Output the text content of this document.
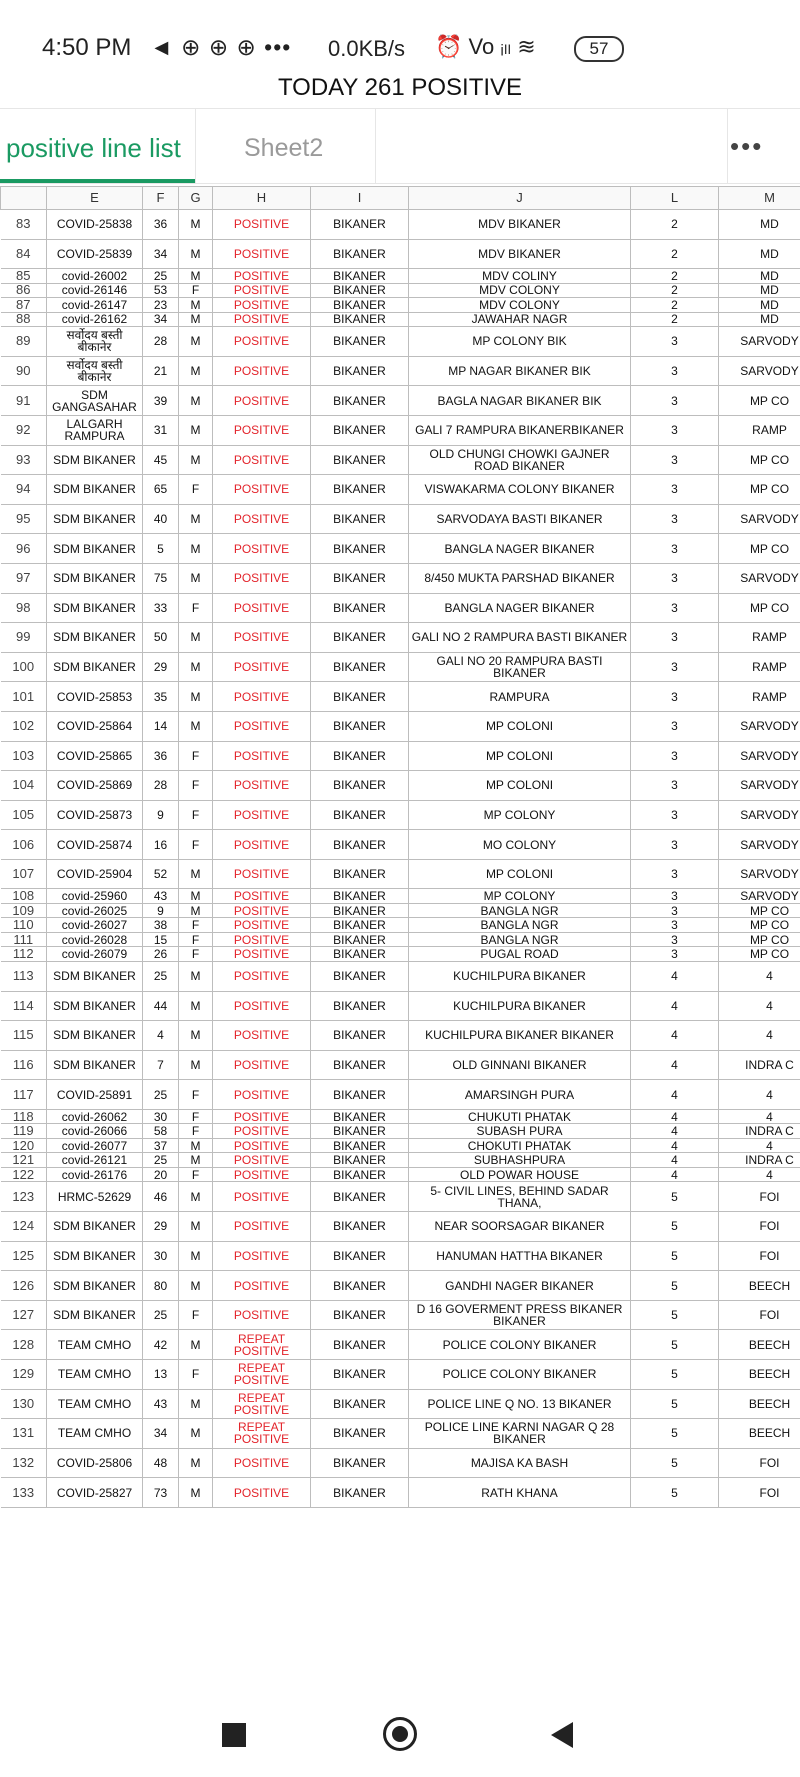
4:50 PM ◄ ⊕ ⊕ ⊕ ••• 0.0KB/s ⏰ Vo ᵢₗₗ ≋	57
TODAY 261 POSITIVE
positive line list	Sheet2	•••
	E	F	G	H	I	J	L	M
83	COVID-25838	36	M	POSITIVE	BIKANER	MDV BIKANER	2	MD
84	COVID-25839	34	M	POSITIVE	BIKANER	MDV BIKANER	2	MD
85	covid-26002	25	M	POSITIVE	BIKANER	MDV COLINY	2	MD
86	covid-26146	53	F	POSITIVE	BIKANER	MDV COLONY	2	MD
87	covid-26147	23	M	POSITIVE	BIKANER	MDV COLONY	2	MD
88	covid-26162	34	M	POSITIVE	BIKANER	JAWAHAR NAGR	2	MD
89	सर्वोदय बस्ती बीकानेर	28	M	POSITIVE	BIKANER	MP COLONY BIK	3	SARVODY
90	सर्वोदय बस्ती बीकानेर	21	M	POSITIVE	BIKANER	MP NAGAR BIKANER BIK	3	SARVODY
91	SDM GANGASAHAR	39	M	POSITIVE	BIKANER	BAGLA NAGAR BIKANER BIK	3	MP CO
92	LALGARH RAMPURA	31	M	POSITIVE	BIKANER	GALI 7 RAMPURA BIKANERBIKANER	3	RAMP
93	SDM BIKANER	45	M	POSITIVE	BIKANER	OLD CHUNGI CHOWKI GAJNER ROAD BIKANER	3	MP CO
94	SDM BIKANER	65	F	POSITIVE	BIKANER	VISWAKARMA COLONY BIKANER	3	MP CO
95	SDM BIKANER	40	M	POSITIVE	BIKANER	SARVODAYA BASTI BIKANER	3	SARVODY
96	SDM BIKANER	5	M	POSITIVE	BIKANER	BANGLA NAGER BIKANER	3	MP CO
97	SDM BIKANER	75	M	POSITIVE	BIKANER	8/450 MUKTA PARSHAD BIKANER	3	SARVODY
98	SDM BIKANER	33	F	POSITIVE	BIKANER	BANGLA NAGER BIKANER	3	MP CO
99	SDM BIKANER	50	M	POSITIVE	BIKANER	GALI NO 2 RAMPURA BASTI BIKANER	3	RAMP
100	SDM BIKANER	29	M	POSITIVE	BIKANER	GALI NO 20 RAMPURA BASTI BIKANER	3	RAMP
101	COVID-25853	35	M	POSITIVE	BIKANER	RAMPURA	3	RAMP
102	COVID-25864	14	M	POSITIVE	BIKANER	MP COLONI	3	SARVODY
103	COVID-25865	36	F	POSITIVE	BIKANER	MP COLONI	3	SARVODY
104	COVID-25869	28	F	POSITIVE	BIKANER	MP COLONI	3	SARVODY
105	COVID-25873	9	F	POSITIVE	BIKANER	MP COLONY	3	SARVODY
106	COVID-25874	16	F	POSITIVE	BIKANER	MO COLONY	3	SARVODY
107	COVID-25904	52	M	POSITIVE	BIKANER	MP COLONI	3	SARVODY
108	covid-25960	43	M	POSITIVE	BIKANER	MP COLONY	3	SARVODY
109	covid-26025	9	M	POSITIVE	BIKANER	BANGLA NGR	3	MP CO
110	covid-26027	38	F	POSITIVE	BIKANER	BANGLA NGR	3	MP CO
111	covid-26028	15	F	POSITIVE	BIKANER	BANGLA NGR	3	MP CO
112	covid-26079	26	F	POSITIVE	BIKANER	PUGAL ROAD	3	MP CO
113	SDM BIKANER	25	M	POSITIVE	BIKANER	KUCHILPURA BIKANER	4	4
114	SDM BIKANER	44	M	POSITIVE	BIKANER	KUCHILPURA BIKANER	4	4
115	SDM BIKANER	4	M	POSITIVE	BIKANER	KUCHILPURA BIKANER BIKANER	4	4
116	SDM BIKANER	7	M	POSITIVE	BIKANER	OLD GINNANI BIKANER	4	INDRA C
117	COVID-25891	25	F	POSITIVE	BIKANER	AMARSINGH PURA	4	4
118	covid-26062	30	F	POSITIVE	BIKANER	CHUKUTI PHATAK	4	4
119	covid-26066	58	F	POSITIVE	BIKANER	SUBASH PURA	4	INDRA C
120	covid-26077	37	M	POSITIVE	BIKANER	CHOKUTI PHATAK	4	4
121	covid-26121	25	M	POSITIVE	BIKANER	SUBHASHPURA	4	INDRA C
122	covid-26176	20	F	POSITIVE	BIKANER	OLD POWAR HOUSE	4	4
123	HRMC-52629	46	M	POSITIVE	BIKANER	5- CIVIL LINES, BEHIND SADAR THANA,	5	FOI
124	SDM BIKANER	29	M	POSITIVE	BIKANER	NEAR SOORSAGAR BIKANER	5	FOI
125	SDM BIKANER	30	M	POSITIVE	BIKANER	HANUMAN HATTHA BIKANER	5	FOI
126	SDM BIKANER	80	M	POSITIVE	BIKANER	GANDHI NAGER BIKANER	5	BEECH
127	SDM BIKANER	25	F	POSITIVE	BIKANER	D 16 GOVERMENT PRESS BIKANER BIKANER	5	FOI
128	TEAM CMHO	42	M	REPEAT POSITIVE	BIKANER	POLICE COLONY BIKANER	5	BEECH
129	TEAM CMHO	13	F	REPEAT POSITIVE	BIKANER	POLICE COLONY BIKANER	5	BEECH
130	TEAM CMHO	43	M	REPEAT POSITIVE	BIKANER	POLICE LINE Q NO. 13 BIKANER	5	BEECH
131	TEAM CMHO	34	M	REPEAT POSITIVE	BIKANER	POLICE LINE KARNI NAGAR Q 28 BIKANER	5	BEECH
132	COVID-25806	48	M	POSITIVE	BIKANER	MAJISA KA BASH	5	FOI
133	COVID-25827	73	M	POSITIVE	BIKANER	RATH KHANA	5	FOI
